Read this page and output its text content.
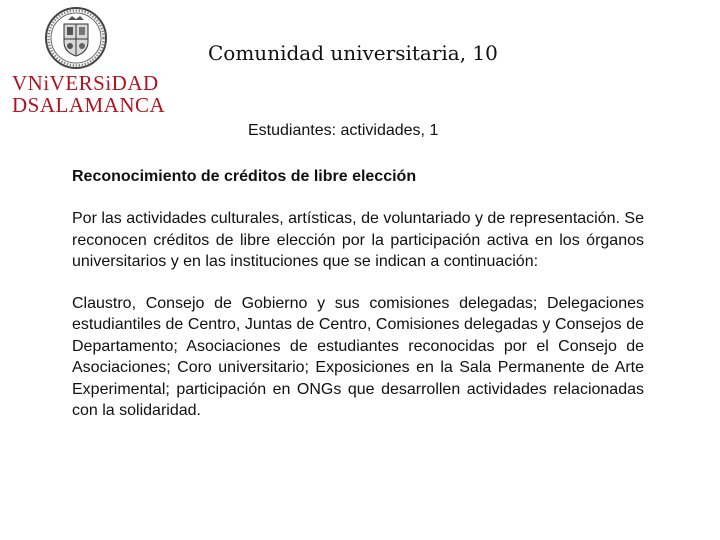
VNiVERSiDAD
DSALAMANCA
Comunidad universitaria, 10
Estudiantes: actividades, 1

Reconocimiento de créditos de libre elección

Por las actividades culturales, artísticas, de voluntariado y de representación. Se reconocen créditos de libre elección por la participación activa en los órganos universitarios y en las instituciones que se indican a continuación:

Claustro, Consejo de Gobierno y sus comisiones delegadas; Delegaciones estudiantiles de Centro, Juntas de Centro, Comisiones delegadas y Consejos de Departamento; Asociaciones de estudiantes reconocidas por el Consejo de Asociaciones; Coro universitario; Exposiciones en la Sala Permanente de Arte Experimental; participación en ONGs que desarrollen actividades relacionadas con la solidaridad.
